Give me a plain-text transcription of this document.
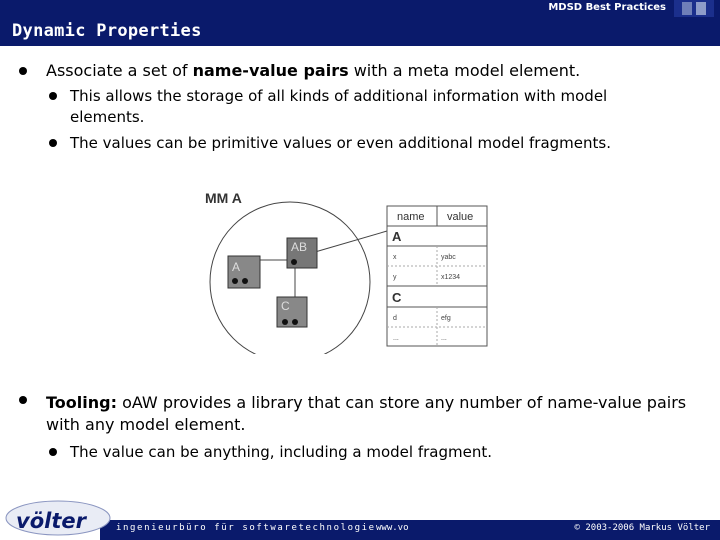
MDSD Best Practices
Dynamic Properties
Associate a set of name-value pairs with a meta model element.
This allows the storage of all kinds of additional information with model elements.
The values can be primitive values or even additional model fragments.
MM A
AB
A
C
name value
A
x	yabc
y	x1234
C
d	efg
...	...
Tooling: oAW provides a library that can store any number of name-value pairs with any model element.
The value can be anything, including a model fragment.
völter	ingenieurbüro für softwaretechnologie www.vo	© 2003-2006 Markus Völter
